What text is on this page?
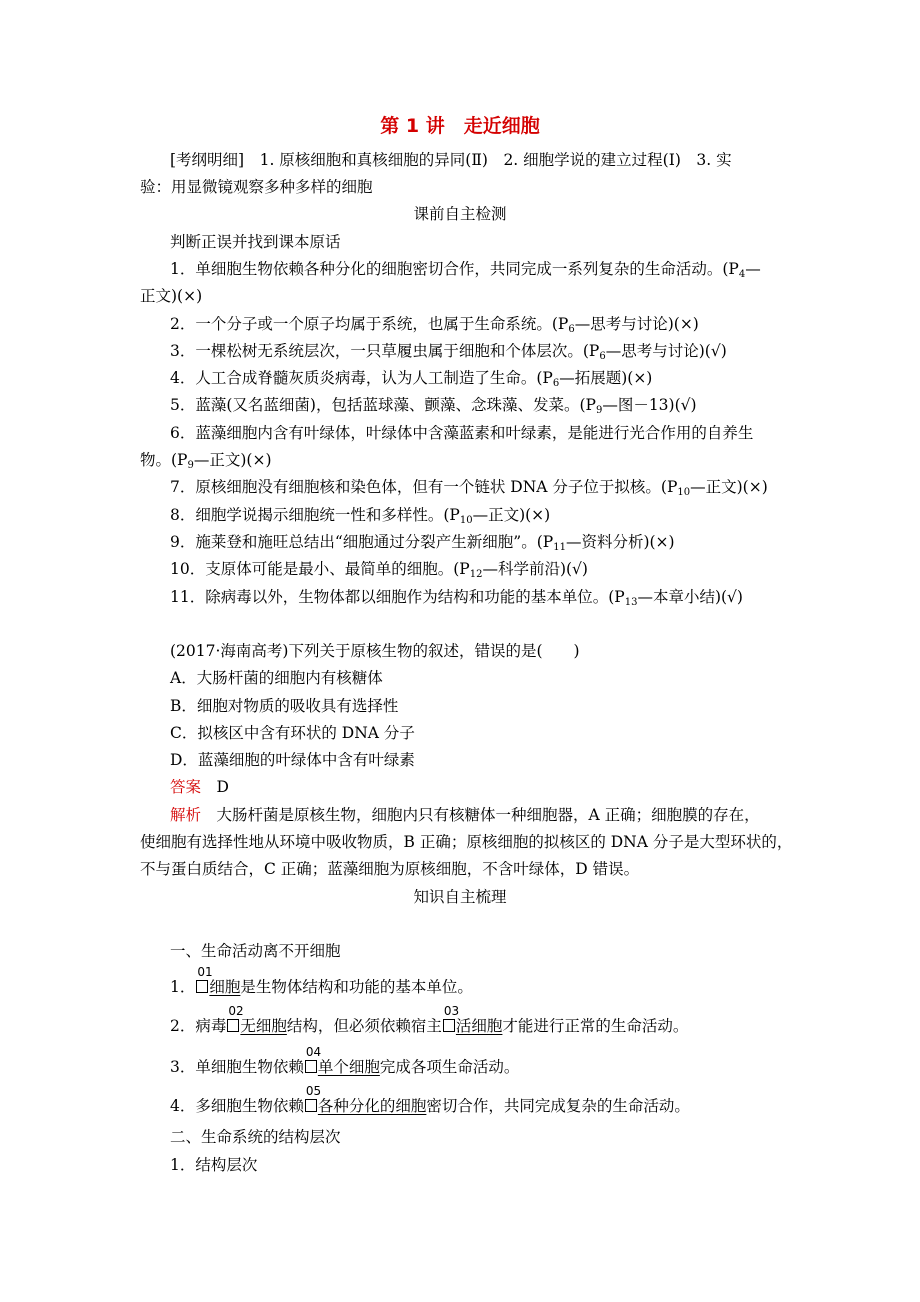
第 1 讲　走近细胞
[考纲明细]　1. 原核细胞和真核细胞的异同(Ⅱ)　2. 细胞学说的建立过程(Ⅰ)　3. 实
验：用显微镜观察多种多样的细胞
课前自主检测
判断正误并找到课本原话
1．单细胞生物依赖各种分化的细胞密切合作，共同完成一系列复杂的生命活动。($P_4—$
正文)(×)
2．一个分子或一个原子均属于系统，也属于生命系统。($P_6—$思考与讨论)(×)
3．一棵松树无系统层次，一只草履虫属于细胞和个体层次。($P_6—$思考与讨论)(√)
4．人工合成脊髓灰质炎病毒，认为人工制造了生命。($P_6—$拓展题)(×)
5．蓝藻(又名蓝细菌)，包括蓝球藻、颤藻、念珠藻、发菜。($P_9—$图－13)(√)
6．蓝藻细胞内含有叶绿体，叶绿体中含藻蓝素和叶绿素，是能进行光合作用的自养生
物。($P_9—$正文)(×)
7．原核细胞没有细胞核和染色体，但有一个链状 DNA 分子位于拟核。($P_{10}—$正文)(×)
8．细胞学说揭示细胞统一性和多样性。($P_{10}—$正文)(×)
9．施莱登和施旺总结出“细胞通过分裂产生新细胞”。($P_{11}—$资料分析)(×)
10．支原体可能是最小、最简单的细胞。($P_{12}—$科学前沿)(√)
11．除病毒以外，生物体都以细胞作为结构和功能的基本单位。($P_{13}—$本章小结)(√)
(2017·海南高考)下列关于原核生物的叙述，错误的是(　　)
A．大肠杆菌的细胞内有核糖体
B．细胞对物质的吸收具有选择性
C．拟核区中含有环状的 DNA 分子
D．蓝藻细胞的叶绿体中含有叶绿素
答案　 D
解析　 大肠杆菌是原核生物，细胞内只有核糖体一种细胞器，A 正确；细胞膜的存在，
使细胞有选择性地从环境中吸收物质，B 正确；原核细胞的拟核区的 DNA 分子是大型环状的，
不与蛋白质结合，C 正确；蓝藻细胞为原核细胞，不含叶绿体，D 错误。
知识自主梳理
一、生命活动离不开细胞
1．
01
细胞是生物体结构和功能的基本单位。
2．病毒
02
无细胞结构，但必须依赖宿主
03
活细胞才能进行正常的生命活动。
3．单细胞生物依赖
04
单个细胞完成各项生命活动。
4．多细胞生物依赖
05
各种分化的细胞密切合作，共同完成复杂的生命活动。
二、生命系统的结构层次
1．结构层次
